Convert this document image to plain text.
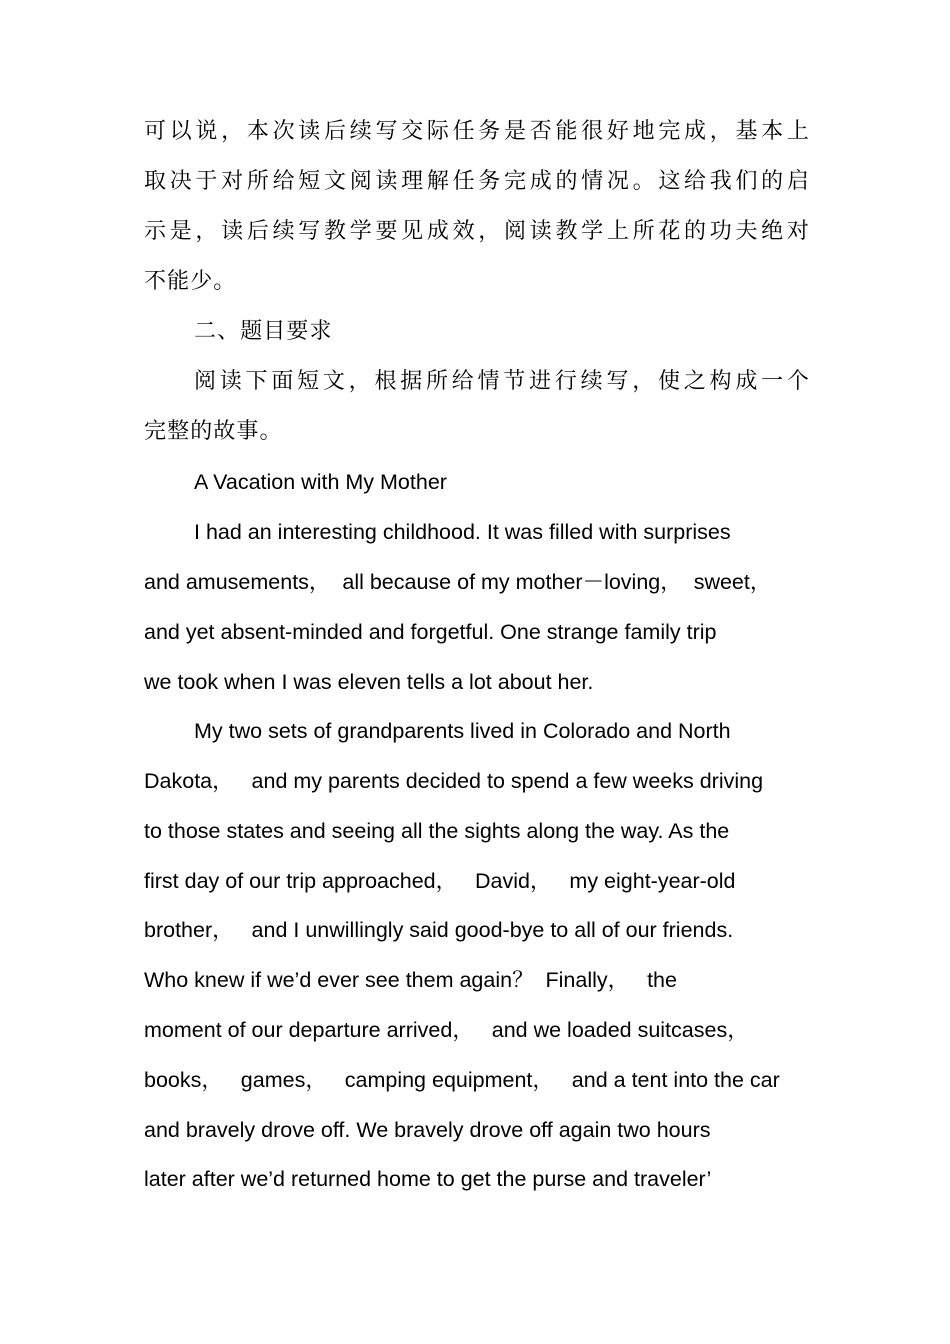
可以说，本次读后续写交际任务是否能很好地完成，基本上
取决于对所给短文阅读理解任务完成的情况。这给我们的启
示是，读后续写教学要见成效，阅读教学上所花的功夫绝对
不能少。
二、题目要求
阅读下面短文，根据所给情节进行续写，使之构成一个
完整的故事。
A Vacation with My Mother
I had an interesting childhood. It was filled with surprises
and amusements，  all because of my mother－loving，  sweet，
and yet absent-minded and forgetful. One strange family trip
we took when I was eleven tells a lot about her.
My two sets of grandparents lived in Colorado and North
Dakota，   and my parents decided to spend a few weeks driving
to those states and seeing all the sights along the way. As the
first day of our trip approached，   David，   my eight-year-old
brother，   and I unwillingly said good-bye to all of our friends.
Who knew if we’d ever see them again？  Finally，   the
moment of our departure arrived，   and we loaded suitcases，
books，   games，   camping equipment，   and a tent into the car
and bravely drove off. We bravely drove off again two hours
later after we’d returned home to get the purse and traveler’
